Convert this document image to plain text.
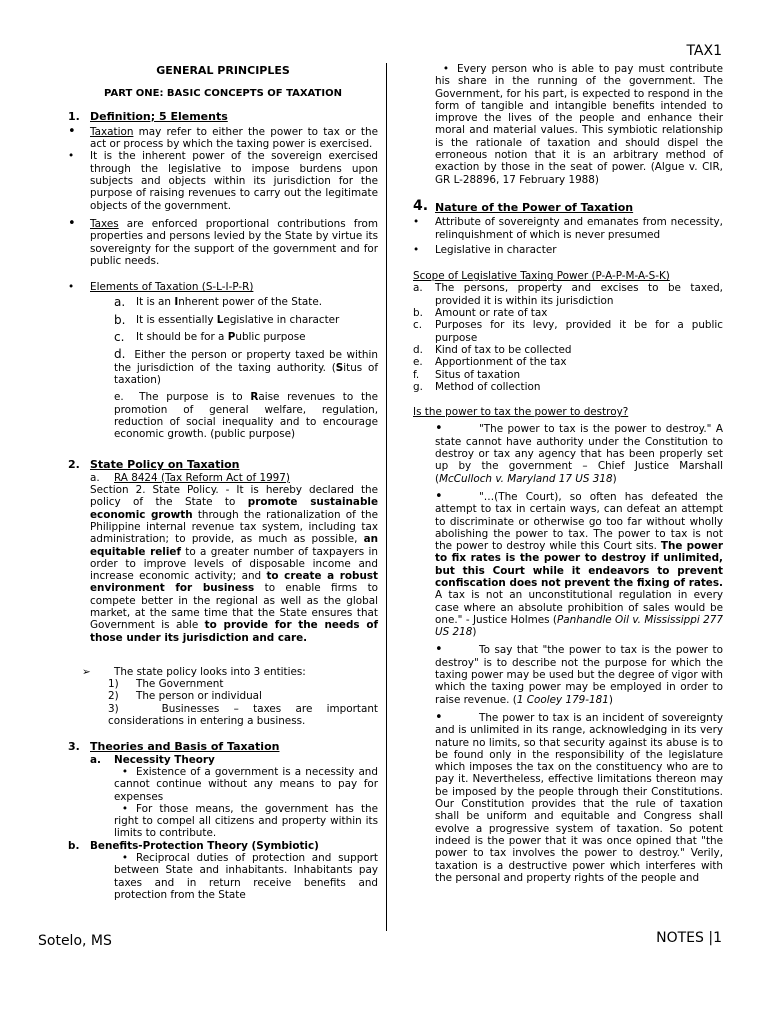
TAX1
GENERAL PRINCIPLES
PART ONE: BASIC CONCEPTS OF TAXATION
1. Definition; 5 Elements
•	Taxation may refer to either the power to tax or the act or process by which the taxing power is exercised.

•	It is the inherent power of the sovereign exercised through the legislative to impose burdens upon subjects and objects within its jurisdiction for the purpose of raising revenues to carry out the legitimate objects of the government.

•	Taxes are enforced proportional contributions from properties and persons levied by the State by virtue its sovereignty for the support of the government and for public needs.

•	Elements of Taxation (S-L-I-P-R)
a.	It is an Inherent power of the State.

b.	It is essentially Legislative in character

c.	It should be for a Public purpose

d. Either the person or property taxed be within the jurisdiction of the taxing authority. (Situs of taxation)
e. The purpose is to Raise revenues to the promotion of general welfare, regulation, reduction of social inequality and to encourage economic growth. (public purpose)
2. State Policy on Taxation
a.	RA 8424 (Tax Reform Act of 1997)
Section 2. State Policy. - It is hereby declared the policy of the State to promote sustainable economic growth through the rationalization of the Philippine internal revenue tax system, including tax administration; to provide, as much as possible, an equitable relief to a greater number of taxpayers in order to improve levels of disposable income and increase economic activity; and to create a robust environment for business to enable firms to compete better in the regional as well as the global market, at the same time that the State ensures that Government is able to provide for the needs of those under its jurisdiction and care.
➢	The state policy looks into 3 entities:
1)	The Government
2)	The person or individual
3)	Businesses – taxes are important considerations in entering a business.
3. Theories and Basis of Taxation
a.	Necessity Theory
• Existence of a government is a necessity and cannot continue without any means to pay for expenses
• For those means, the government has the right to compel all citizens and property within its limits to contribute.
b.	Benefits-Protection Theory (Symbiotic)
• Reciprocal duties of protection and support between State and inhabitants. Inhabitants pay taxes and in return receive benefits and protection from the State
• Every person who is able to pay must contribute his share in the running of the government. The Government, for his part, is expected to respond in the form of tangible and intangible benefits intended to improve the lives of the people and enhance their moral and material values. This symbiotic relationship is the rationale of taxation and should dispel the erroneous notion that it is an arbitrary method of exaction by those in the seat of power. (Algue v. CIR, GR L-28896, 17 February 1988)
4. Nature of the Power of Taxation
•	Attribute of sovereignty and emanates from necessity, relinquishment of which is never presumed

•	Legislative in character

Scope of Legislative Taxing Power (P-A-P-M-A-S-K)
a.	The persons, property and excises to be taxed, provided it is within its jurisdiction

b.	Amount or rate of tax

c.	Purposes for its levy, provided it be for a public purpose

d.	Kind of tax to be collected

e.	Apportionment of the tax

f.	Situs of taxation

g.	Method of collection

Is the power to tax the power to destroy?
•	"The power to tax is the power to destroy." A state cannot have authority under the Constitution to destroy or tax any agency that has been properly set up by the government – Chief Justice Marshall (McCulloch v. Maryland 17 US 318)
•	"…(The Court), so often has defeated the attempt to tax in certain ways, can defeat an attempt to discriminate or otherwise go too far without wholly abolishing the power to tax. The power to tax is not the power to destroy while this Court sits. The power to fix rates is the power to destroy if unlimited, but this Court while it endeavors to prevent confiscation does not prevent the fixing of rates. A tax is not an unconstitutional regulation in every case where an absolute prohibition of sales would be one." - Justice Holmes (Panhandle Oil v. Mississippi 277 US 218)
•	To say that "the power to tax is the power to destroy" is to describe not the purpose for which the taxing power may be used but the degree of vigor with which the taxing power may be employed in order to raise revenue. (1 Cooley 179-181)
•	The power to tax is an incident of sovereignty and is unlimited in its range, acknowledging in its very nature no limits, so that security against its abuse is to be found only in the responsibility of the legislature which imposes the tax on the constituency who are to pay it. Nevertheless, effective limitations thereon may be imposed by the people through their Constitutions. Our Constitution provides that the rule of taxation shall be uniform and equitable and Congress shall evolve a progressive system of taxation. So potent indeed is the power that it was once opined that "the power to tax involves the power to destroy." Verily, taxation is a destructive power which interferes with the personal and property rights of the people and
Sotelo, MS	NOTES |1
